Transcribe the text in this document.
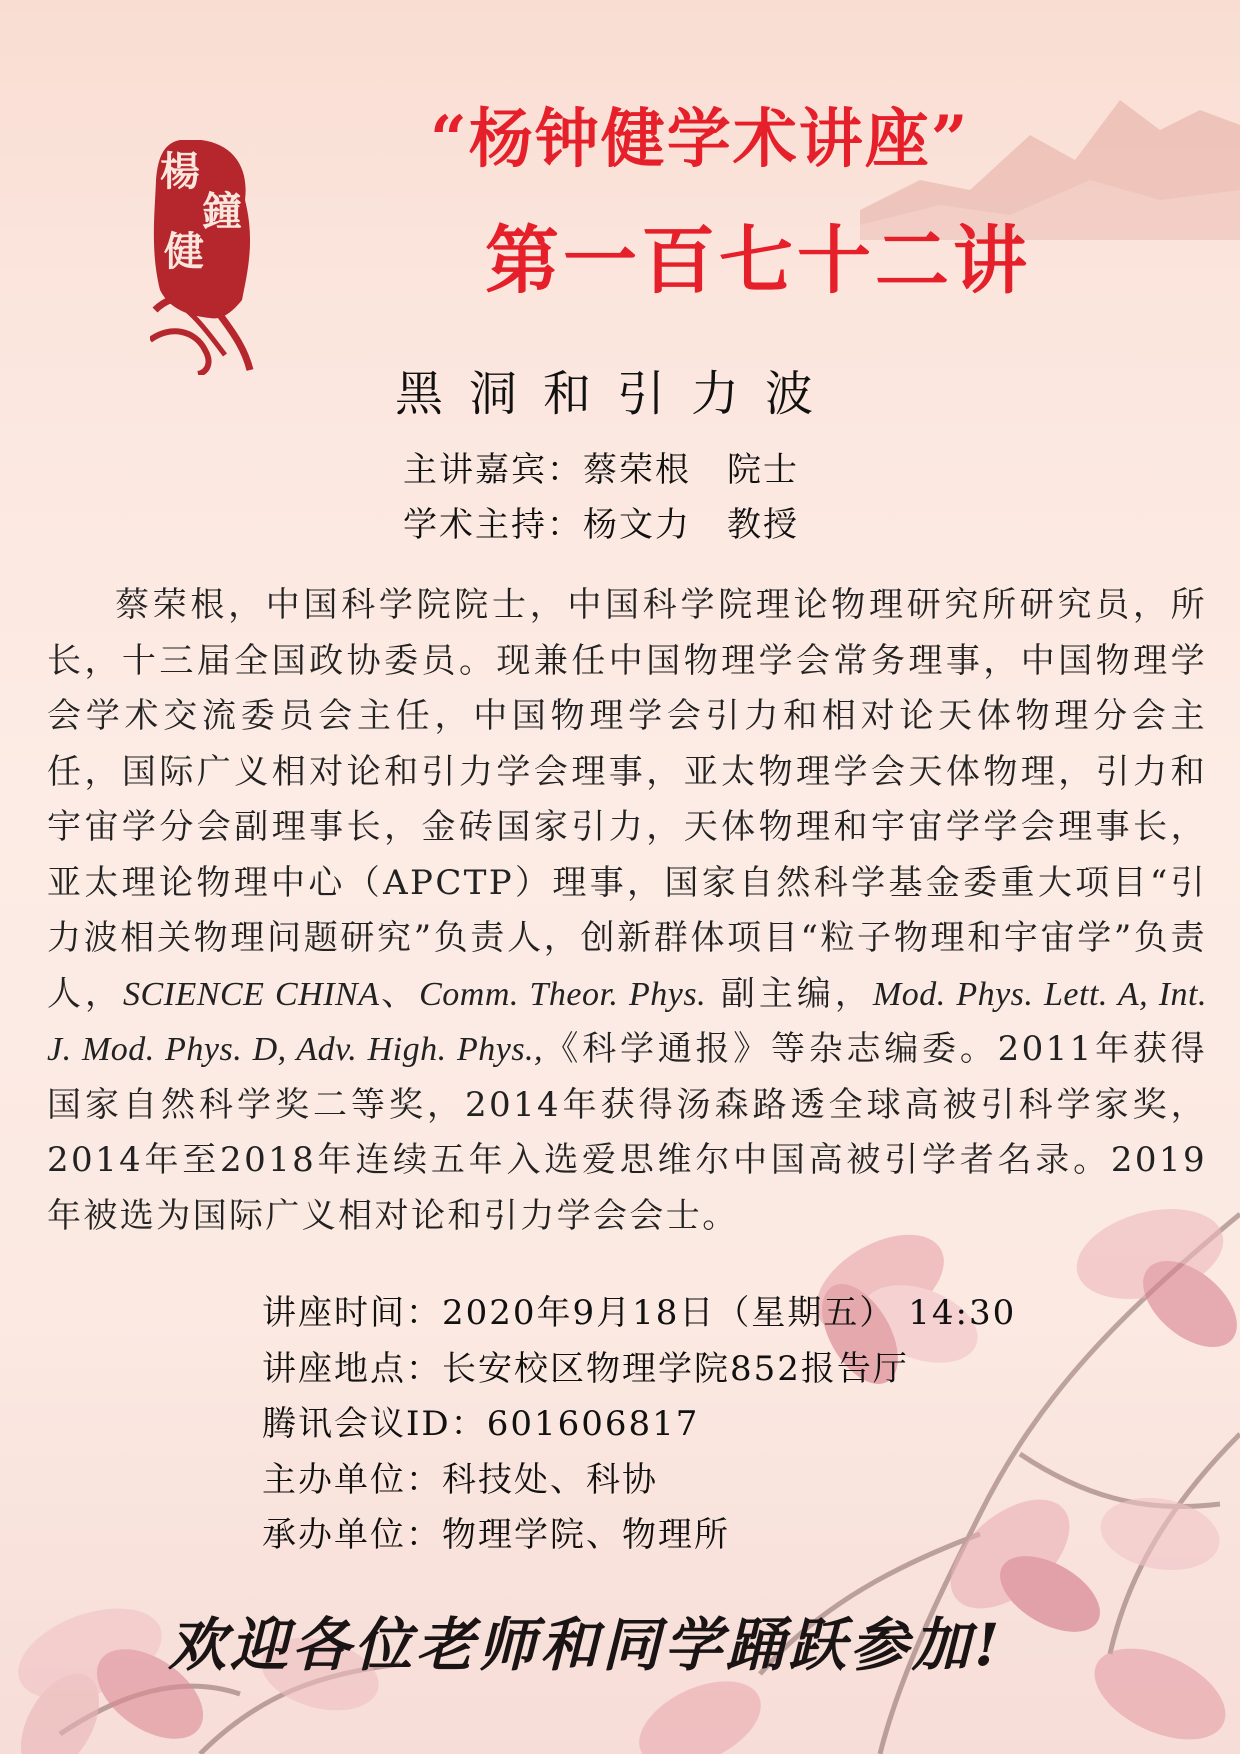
楊
鐘
健
“杨钟健学术讲座”
第一百七十二讲
黑洞和引力波
主讲嘉宾：蔡荣根 院士
学术主持：杨文力 教授
蔡荣根，中国科学院院士，中国科学院理论物理研究所研究员，所长，十三届全国政协委员。现兼任中国物理学会常务理事，中国物理学会学术交流委员会主任，中国物理学会引力和相对论天体物理分会主任，国际广义相对论和引力学会理事，亚太物理学会天体物理，引力和宇宙学分会副理事长，金砖国家引力，天体物理和宇宙学学会理事长，亚太理论物理中心（APCTP）理事，国家自然科学基金委重大项目“引力波相关物理问题研究”负责人，创新群体项目“粒子物理和宇宙学”负责人，SCIENCE CHINA、Comm. Theor. Phys. 副主编，Mod. Phys. Lett. A, Int. J. Mod. Phys. D, Adv. High. Phys.,《科学通报》等杂志编委。2011年获得国家自然科学奖二等奖，2014年获得汤森路透全球高被引科学家奖，2014年至2018年连续五年入选爱思维尔中国高被引学者名录。2019年被选为国际广义相对论和引力学会会士。
讲座时间：2020年9月18日（星期五） 14:30
讲座地点：长安校区物理学院852报告厅
腾讯会议ID：601606817
主办单位：科技处、科协
承办单位：物理学院、物理所
欢迎各位老师和同学踊跃参加!
